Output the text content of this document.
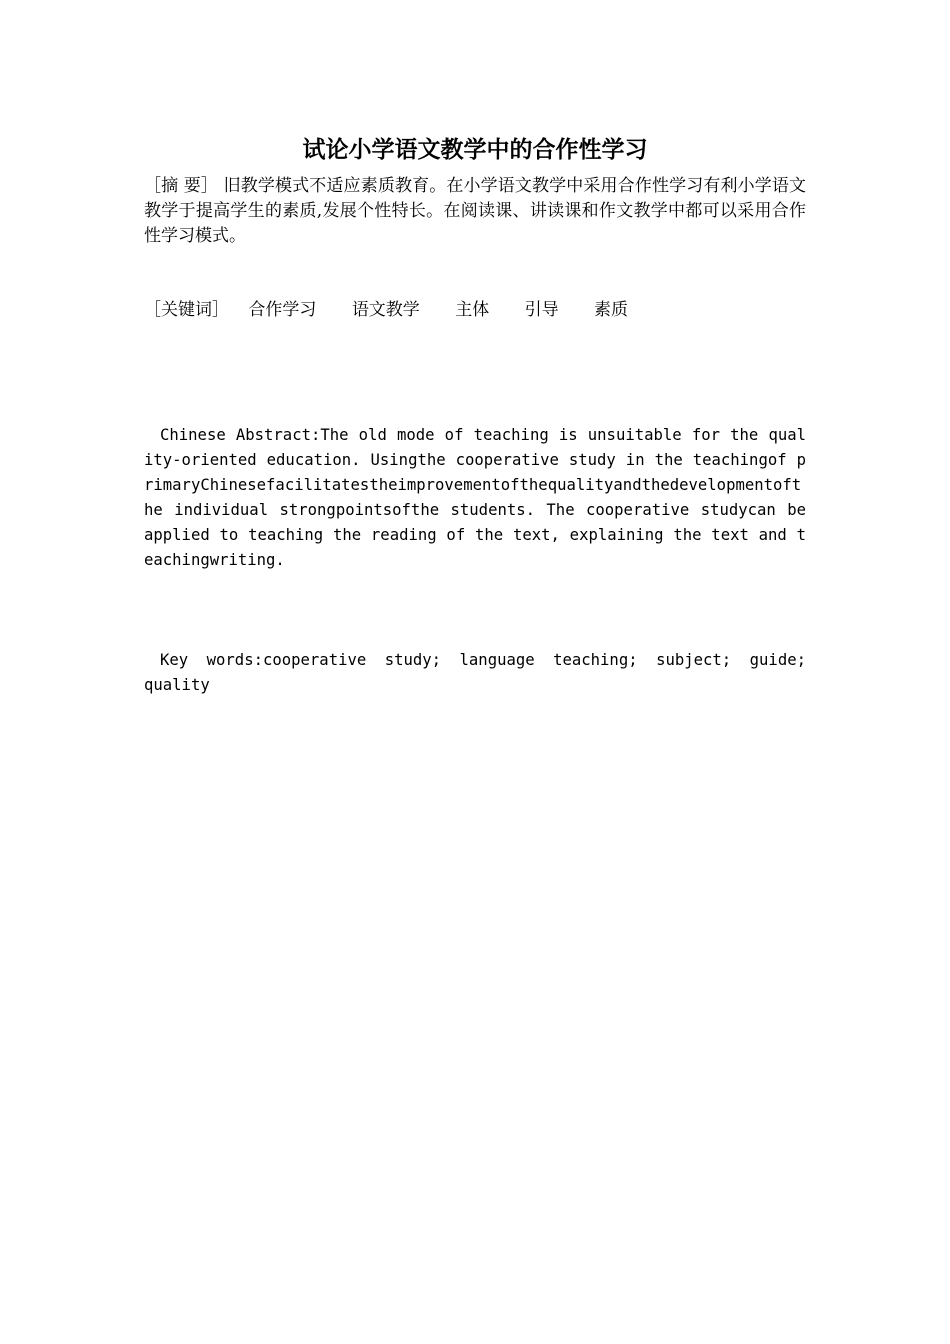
试论小学语文教学中的合作性学习
［摘 要］ 旧教学模式不适应素质教育。在小学语文教学中采用合作性学习有利小学语文教学于提高学生的素质,发展个性特长。在阅读课、讲读课和作文教学中都可以采用合作性学习模式。
［关键词］ 合作学习 语文教学 主体 引导 素质
Chinese Abstract:The old mode of teaching is unsuitable for the quality-oriented education. Usingthe cooperative study in the teachingof primaryChinesefacilitatestheimprovementofthequalityandthedevelopmentofthe individual strongpointsofthe students. The cooperative studycan be applied to teaching the reading of the text, explaining the text and teachingwriting.
Key words:cooperative study; language teaching; subject; guide; quality
